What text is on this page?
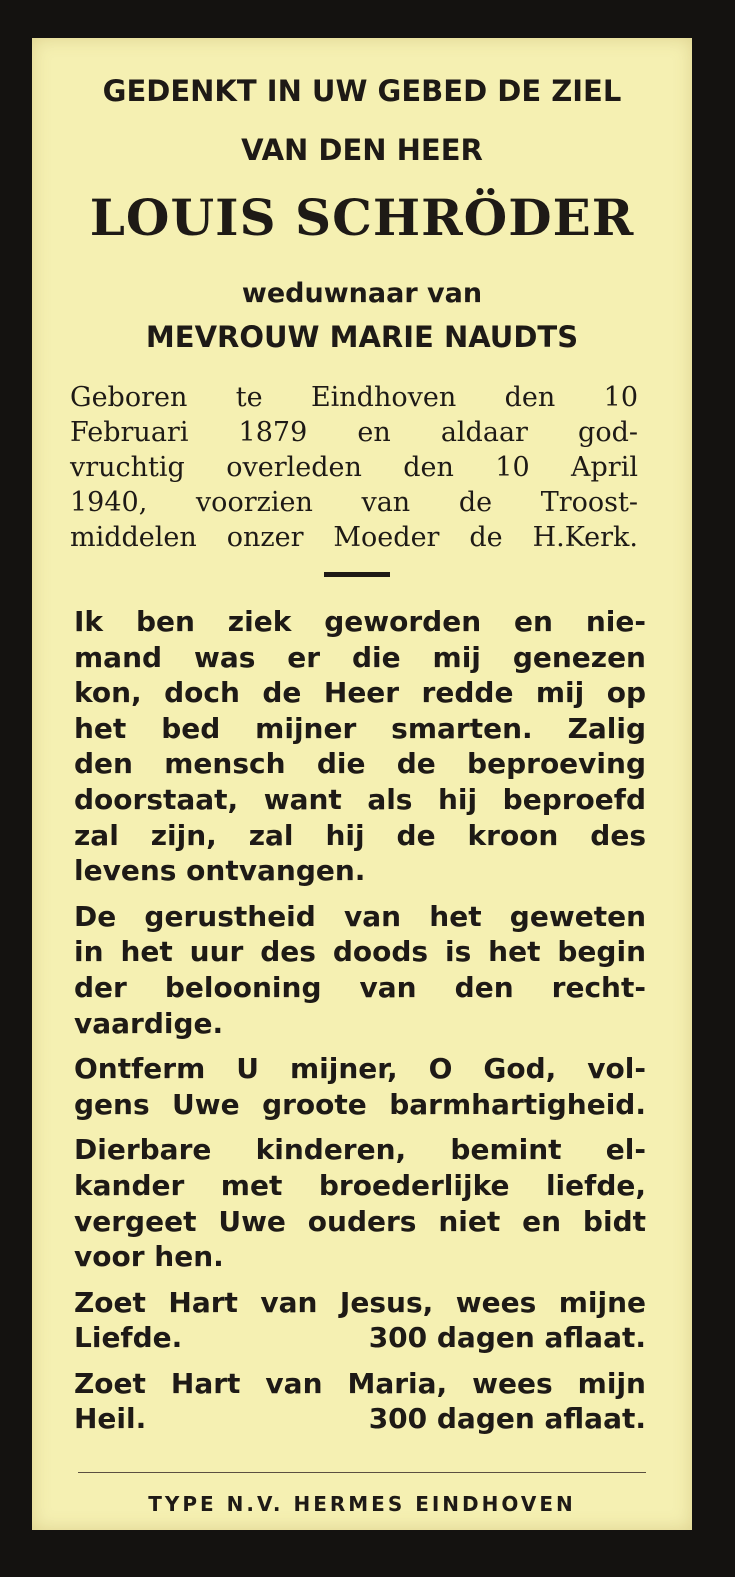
GEDENKT IN UW GEBED DE ZIEL
VAN DEN HEER
LOUIS SCHRÖDER
weduwnaar van
MEVROUW MARIE NAUDTS
Geboren te Eindhoven den 10
Februari 1879 en aldaar god-
vruchtig overleden den 10 April
1940, voorzien van de Troost-
middelen onzer Moeder de H.Kerk.
Ik ben ziek geworden en nie-
mand was er die mij genezen
kon, doch de Heer redde mij op
het bed mijner smarten. Zalig
den mensch die de beproeving
doorstaat, want als hij beproefd
zal zijn, zal hij de kroon des
levens ontvangen.
De gerustheid van het geweten
in het uur des doods is het begin
der belooning van den recht-
vaardige.
Ontferm U mijner, O God, vol-
gens Uwe groote barmhartigheid.
Dierbare kinderen, bemint el-
kander met broederlijke liefde,
vergeet Uwe ouders niet en bidt
voor hen.
Zoet Hart van Jesus, wees mijne
Liefde.	300 dagen aflaat.
Zoet Hart van Maria, wees mijn
Heil.	300 dagen aflaat.
TYPE N.V. HERMES EINDHOVEN
